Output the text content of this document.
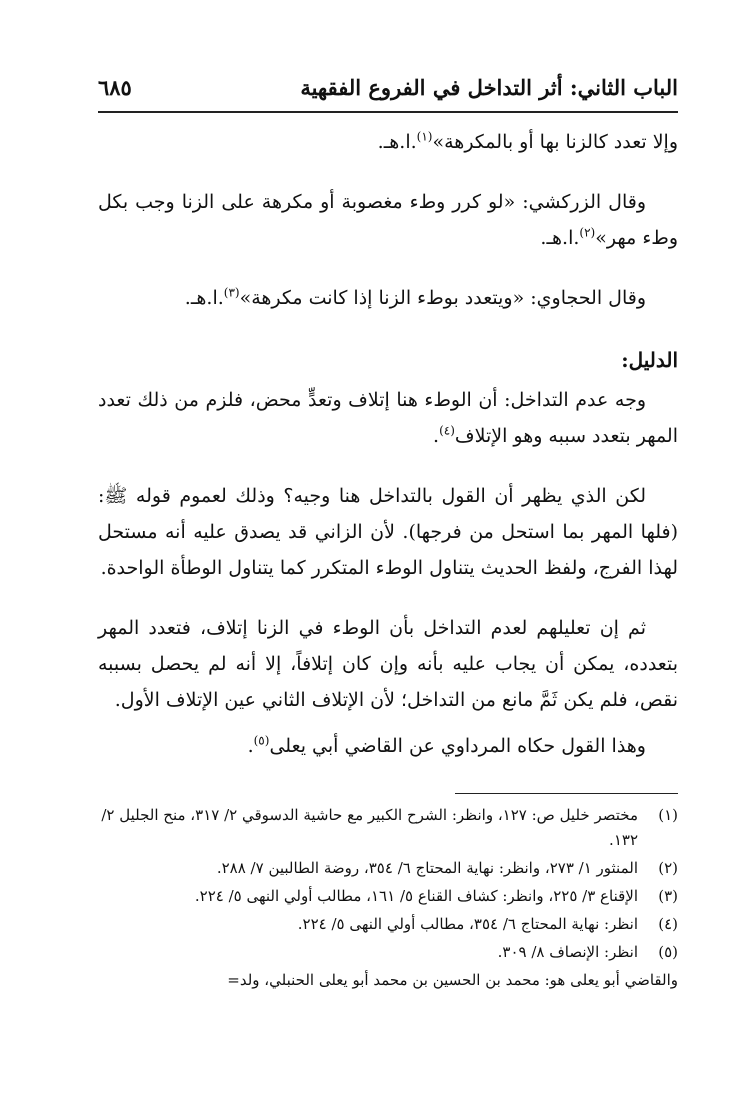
الباب الثاني: أثر التداخل في الفروع الفقهية
٦٨٥

وإلا تعدد كالزنا بها أو بالمكرهة»$^{(١)}$.ا.هـ.

وقال الزركشي: «لو كرر وطء مغصوبة أو مكرهة على الزنا وجب بكل وطء مهر»$^{(٢)}$.ا.هـ.

وقال الحجاوي: «ويتعدد بوطء الزنا إذا كانت مكرهة»$^{(٣)}$.ا.هـ.

الدليل:

وجه عدم التداخل: أن الوطء هنا إتلاف وتعدٍّ محض، فلزم من ذلك تعدد المهر بتعدد سببه وهو الإتلاف$^{(٤)}$.

لكن الذي يظهر أن القول بالتداخل هنا وجيه؟ وذلك لعموم قوله ﷺ: (فلها المهر بما استحل من فرجها). لأن الزاني قد يصدق عليه أنه مستحل لهذا الفرج، ولفظ الحديث يتناول الوطء المتكرر كما يتناول الوطأة الواحدة.

ثم إن تعليلهم لعدم التداخل بأن الوطء في الزنا إتلاف، فتعدد المهر بتعدده، يمكن أن يجاب عليه بأنه وإن كان إتلافاً، إلا أنه لم يحصل بسببه نقص، فلم يكن ثَمَّ مانع من التداخل؛ لأن الإتلاف الثاني عين الإتلاف الأول.

وهذا القول حكاه المرداوي عن القاضي أبي يعلى$^{(٥)}$.

(١)
مختصر خليل ص: ١٢٧، وانظر: الشرح الكبير مع حاشية الدسوقي ٢/ ٣١٧، منح الجليل ٢/ ١٣٢.
(٢)
المنثور ١/ ٢٧٣، وانظر: نهاية المحتاج ٦/ ٣٥٤، روضة الطالبين ٧/ ٢٨٨.
(٣)
الإقناع ٣/ ٢٢٥، وانظر: كشاف القناع ٥/ ١٦١، مطالب أولي النهى ٥/ ٢٢٤.
(٤)
انظر: نهاية المحتاج ٦/ ٣٥٤، مطالب أولي النهى ٥/ ٢٢٤.
(٥)
انظر: الإنصاف ٨/ ٣٠٩.

والقاضي أبو يعلى هو: محمد بن الحسين بن محمد أبو يعلى الحنبلي، ولد=
